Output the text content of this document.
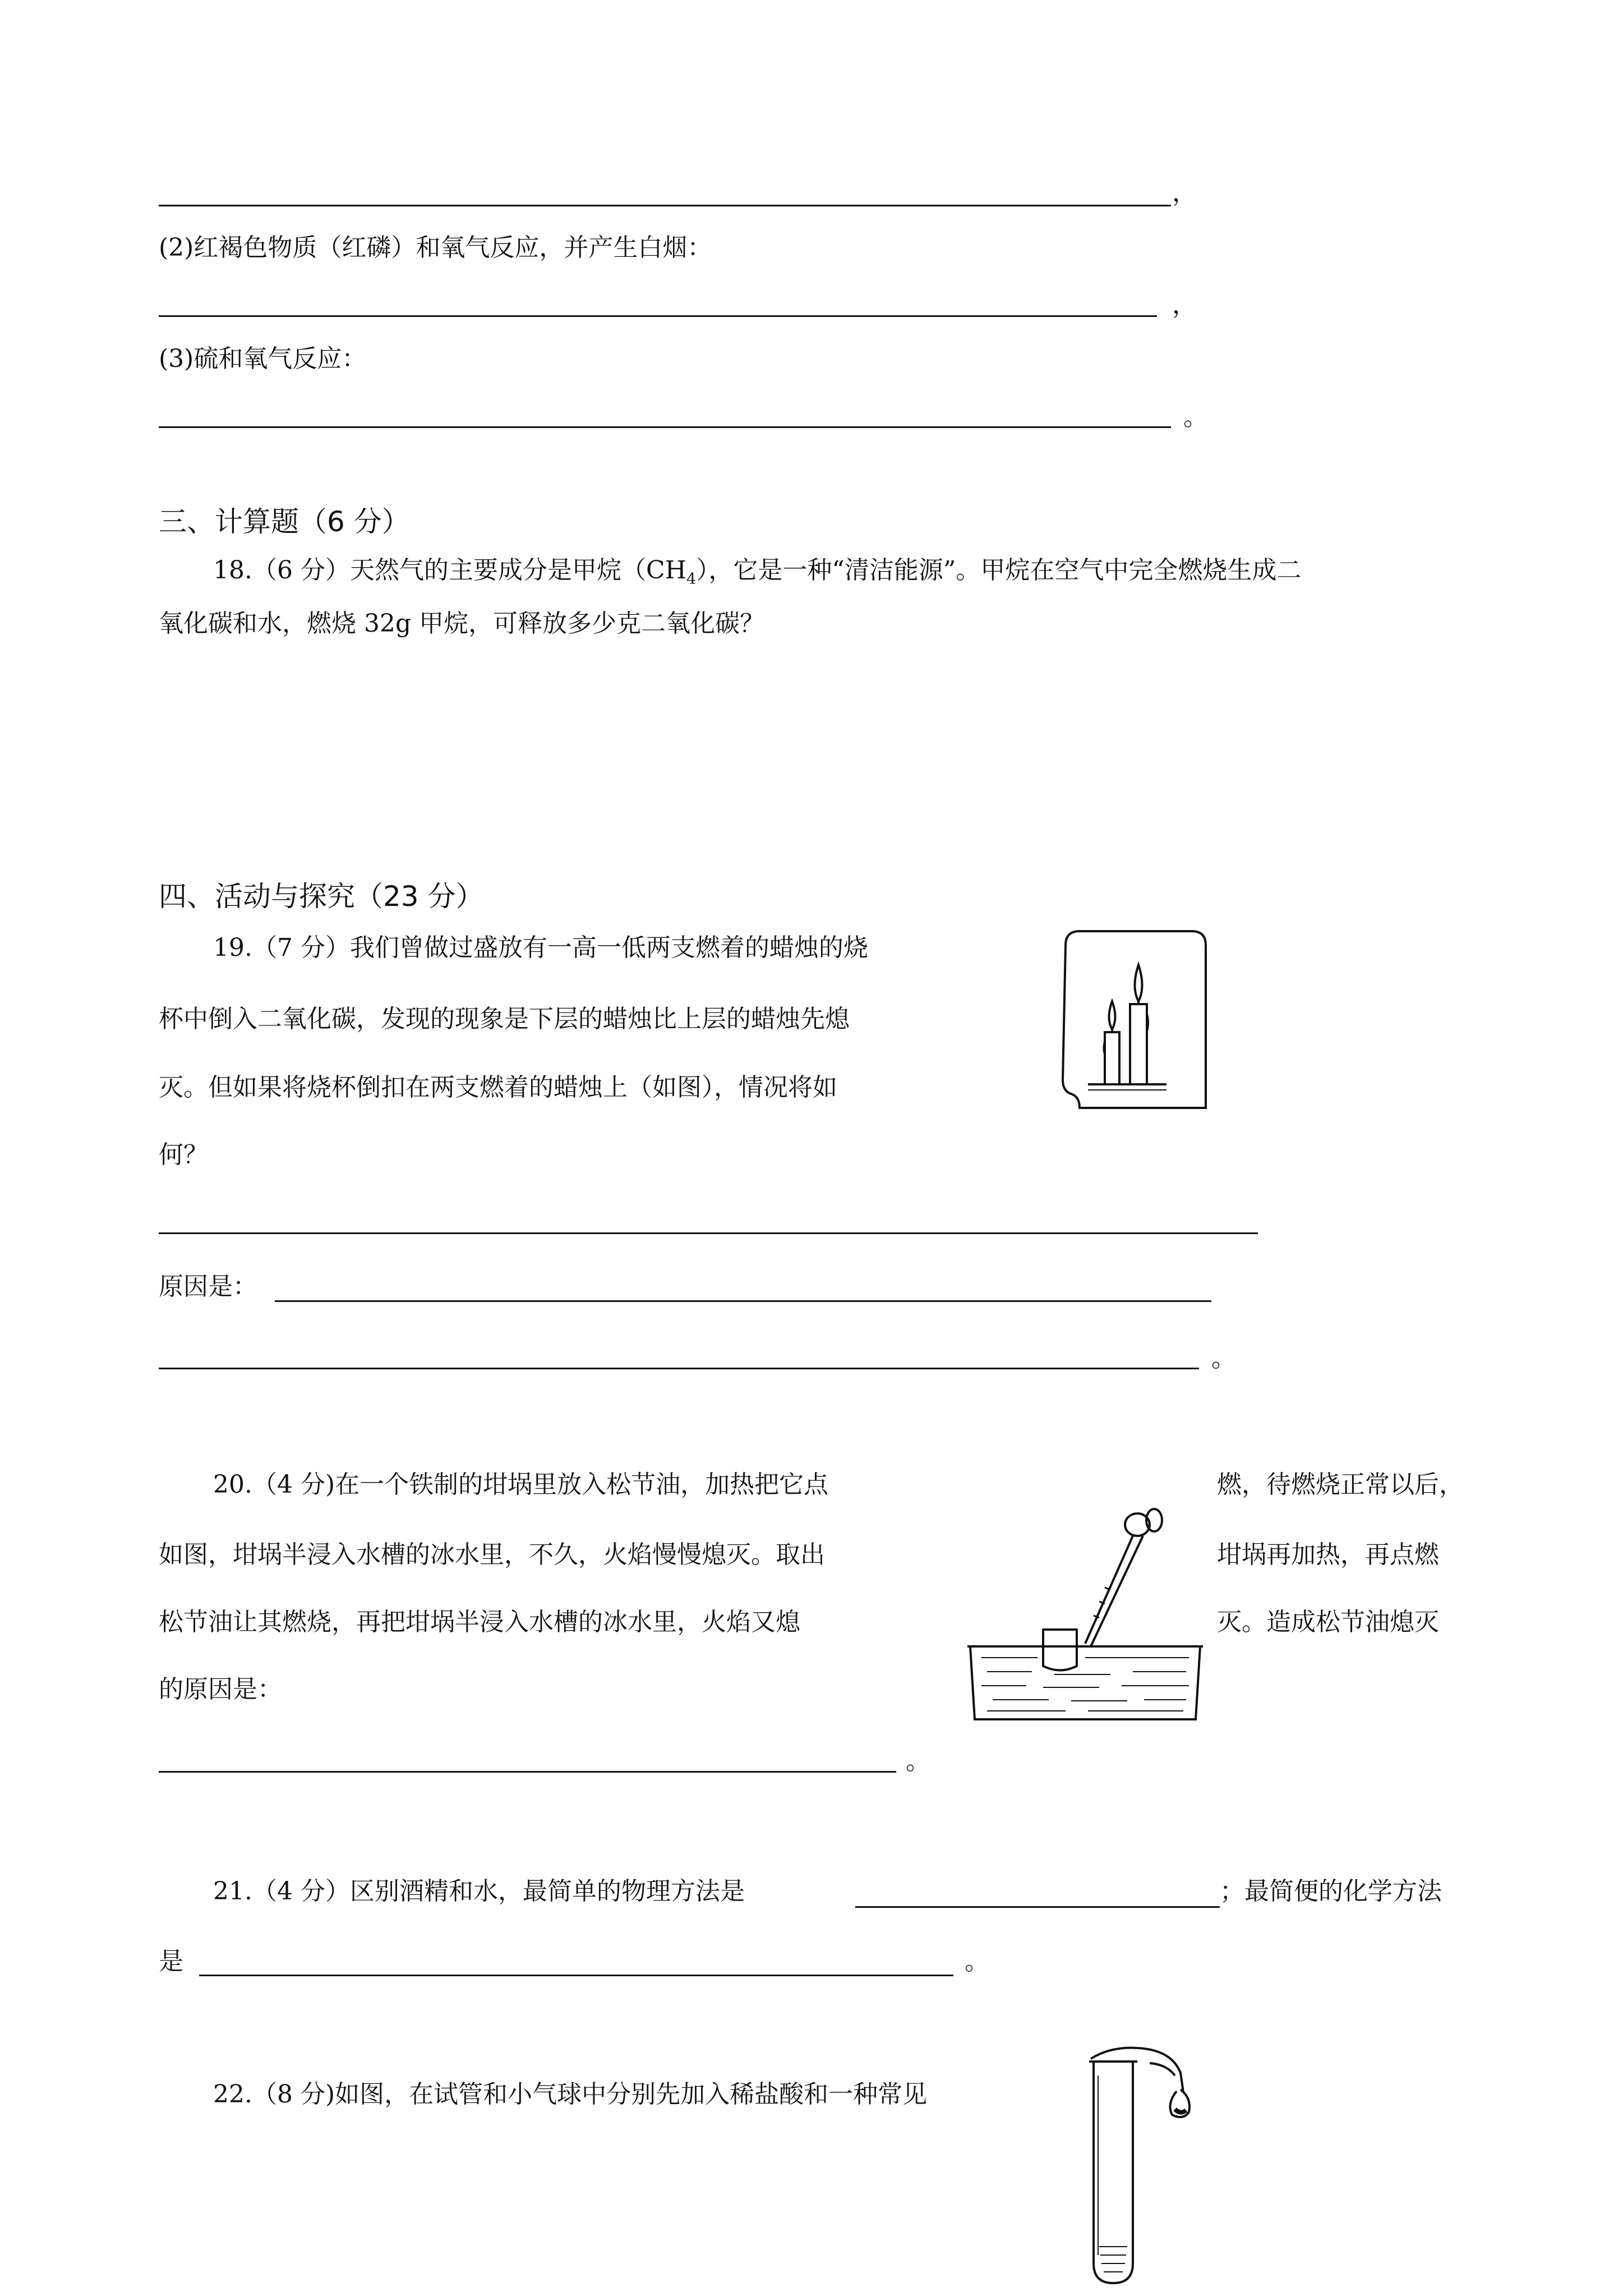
，
(2)红褐色物质（红磷）和氧气反应，并产生白烟：
，
(3)硫和氧气反应：
。
三、计算题（6 分）
18.（6 分）天然气的主要成分是甲烷$(CH_4)$，它是一种“清洁能源”。甲烷在空气中完全燃烧生成二
氧化碳和水，燃烧 32g 甲烷，可释放多少克二氧化碳？
四、活动与探究（23 分）
19.（7 分）我们曾做过盛放有一高一低两支燃着的蜡烛的烧
杯中倒入二氧化碳，发现的现象是下层的蜡烛比上层的蜡烛先熄
灭。但如果将烧杯倒扣在两支燃着的蜡烛上（如图），情况将如
何？
原因是：
。
20.（4 分)在一个铁制的坩埚里放入松节油，加热把它点	燃，待燃烧正常以后，
如图，坩埚半浸入水槽的冰水里，不久，火焰慢慢熄灭。取出	坩埚再加热，再点燃
松节油让其燃烧，再把坩埚半浸入水槽的冰水里，火焰又熄	灭。造成松节油熄灭
的原因是：
。
21.（4 分）区别酒精和水，最简单的物理方法是	；最简便的化学方法
是	。
22.（8 分)如图，在试管和小气球中分别先加入稀盐酸和一种常见
